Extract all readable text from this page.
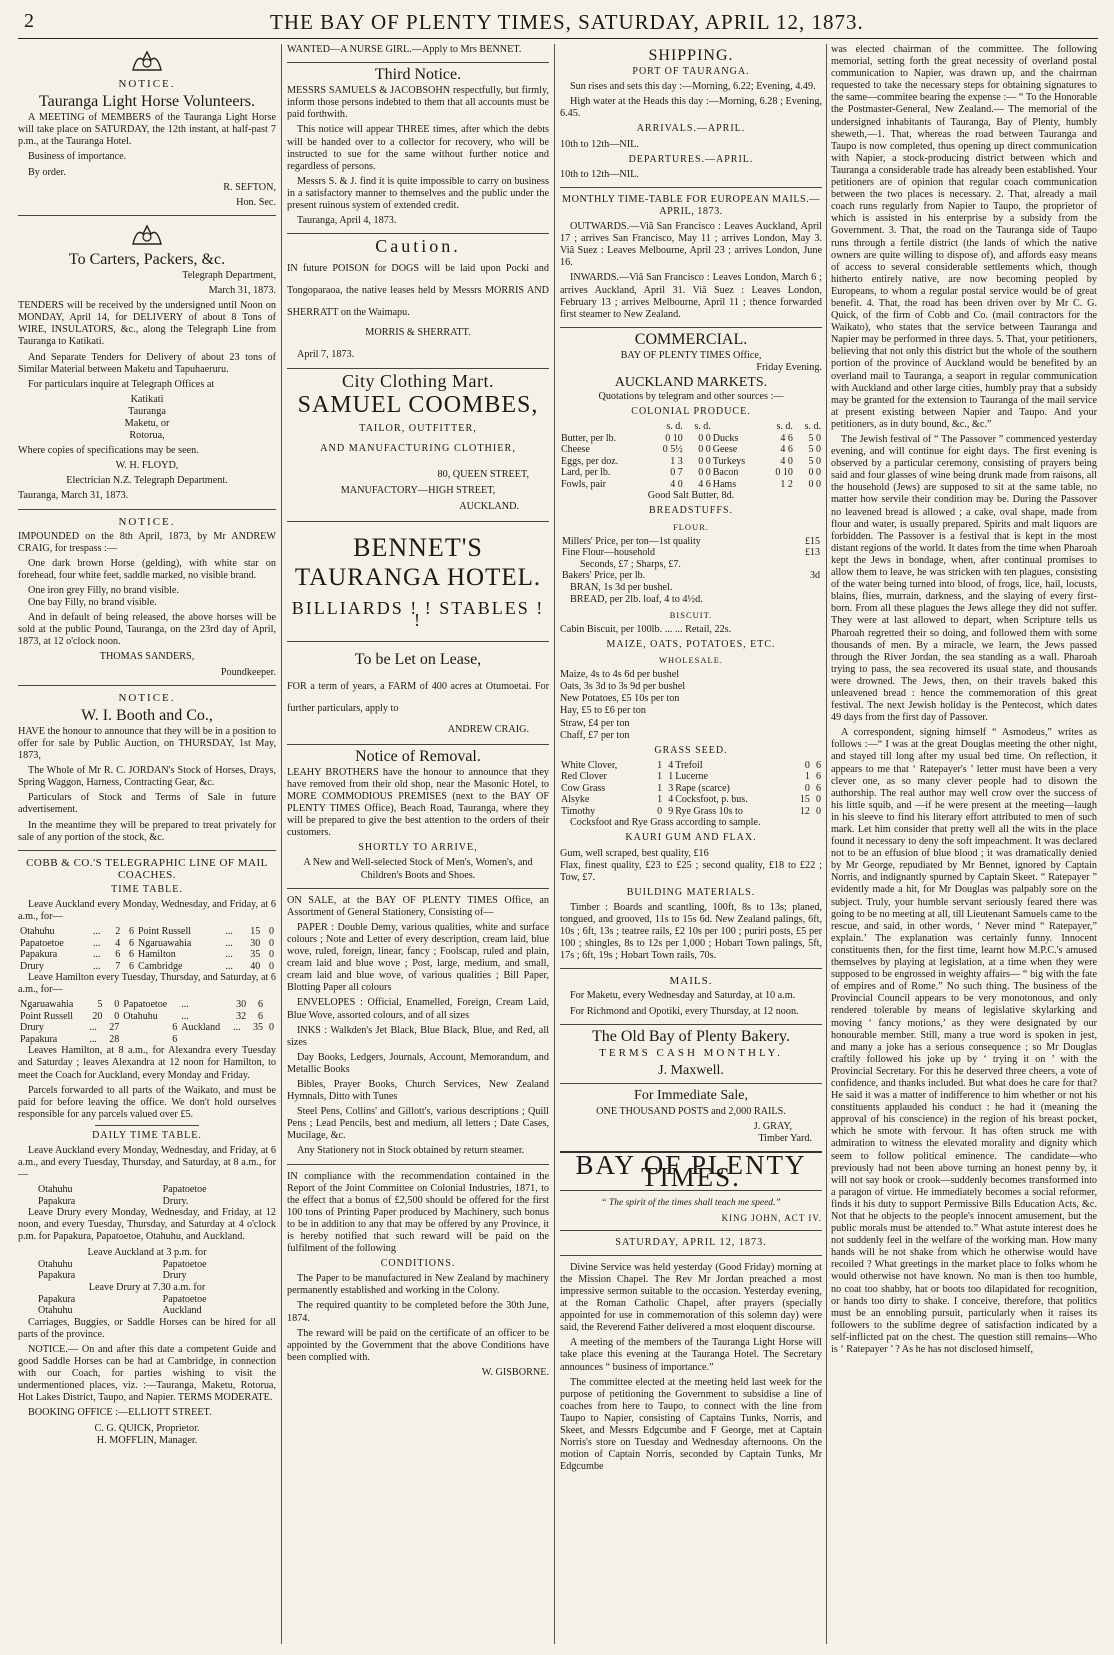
2	THE BAY OF PLENTY TIMES, SATURDAY, APRIL 12, 1873.
NOTICE.
Tauranga Light Horse Volunteers.

A MEETING of MEMBERS of the Tauranga Light Horse will take place on SATURDAY, the 12th instant, at half-past 7 p.m., at the Tauranga Hotel.

Business of importance.

By order.

R. SEFTON,

Hon. Sec.

To Carters, Packers, &c.

Telegraph Department,

March 31, 1873.

TENDERS will be received by the undersigned until Noon on MONDAY, April 14, for DELIVERY of about 8 Tons of WIRE, INSULATORS, &c., along the Telegraph Line from Tauranga to Katikati.

And Separate Tenders for Delivery of about 23 tons of Similar Material between Maketu and Tapuhaeruru.

For particulars inquire at Telegraph Offices at

Katikati

Tauranga

Maketu, or

Rotorua,

Where copies of specifications may be seen.

W. H. FLOYD,

Electrician N.Z. Telegraph Department.

Tauranga, March 31, 1873.

NOTICE.

IMPOUNDED on the 8th April, 1873, by Mr ANDREW CRAIG, for trespass :—

One dark brown Horse (gelding), with white star on forehead, four white feet, saddle marked, no visible brand.

One iron grey Filly, no brand visible.

One bay Filly, no brand visible.

And in default of being released, the above horses will be sold at the public Pound, Tauranga, on the 23rd day of April, 1873, at 12 o'clock noon.

THOMAS SANDERS,

Poundkeeper.

NOTICE.
W. I. Booth and Co.,

HAVE the honour to announce that they will be in a position to offer for sale by Public Auction, on THURSDAY, 1st May, 1873,

The Whole of Mr R. C. JORDAN's Stock of Horses, Drays, Spring Waggon, Harness, Contracting Gear, &c.

Particulars of Stock and Terms of Sale in future advertisement.

In the meantime they will be prepared to treat privately for sale of any portion of the stock, &c.

COBB & CO.'S TELEGRAPHIC LINE OF MAIL COACHES.
TIME TABLE.

Leave Auckland every Monday, Wednesday, and Friday, at 6 a.m., for—

Otahuhu	...	2	6	Point Russell	...	15	0
Papatoetoe	...	4	6	Ngaruawahia	...	30	0
Papakura	...	6	6	Hamilton	...	35	0
Drury	...	7	6	Cambridge	...	40	0

Leave Hamilton every Tuesday, Thursday, and Saturday, at 6 a.m., for—

Ngaruawahia	5	0	Papatoetoe	...	30	6	
Point Russell	20	0	Otahuhu	...	32	6	
Drury	...	27	6	Auckland	...	35	0
Papakura	...	28	6				

Leaves Hamilton, at 8 a.m., for Alexandra every Tuesday and Saturday ; leaves Alexandra at 12 noon for Hamilton, to meet the Coach for Auckland, every Monday and Friday.

Parcels forwarded to all parts of the Waikato, and must be paid for before leaving the office. We don't hold ourselves responsible for any parcels valued over £5.

DAILY TIME TABLE.

Leave Auckland every Monday, Wednesday, and Friday, at 6 a.m., and every Tuesday, Thursday, and Saturday, at 8 a.m., for—

Otahuhu	Papatoetoe
Papakura	Drury.

Leave Drury every Monday, Wednesday, and Friday, at 12 noon, and every Tuesday, Thursday, and Saturday at 4 o'clock p.m. for Papakura, Papatoetoe, Otahuhu, and Auckland.

Leave Auckland at 3 p.m. for

Otahuhu	Papatoetoe
Papakura	Drury

Leave Drury at 7.30 a.m. for

Papakura	Papatoetoe
Otahuhu	Auckland

Carriages, Buggies, or Saddle Horses can be hired for all parts of the province.

NOTICE.— On and after this date a competent Guide and good Saddle Horses can be had at Cambridge, in connection with our Coach, for parties wishing to visit the undermentioned places, viz. :—Tauranga, Maketu, Rotorua, Hot Lakes District, Taupo, and Napier. TERMS MODERATE.

BOOKING OFFICE :—ELLIOTT STREET.

C. G. QUICK, Proprietor.

H. MOFFLIN, Manager.

WANTED—A NURSE GIRL.—Apply to Mrs BENNET.

Third Notice.

MESSRS SAMUELS & JACOBSOHN respectfully, but firmly, inform those persons indebted to them that all accounts must be paid forthwith.

This notice will appear THREE times, after which the debts will be handed over to a collector for recovery, who will be instructed to sue for the same without further notice and regardless of persons.

Messrs S. & J. find it is quite impossible to carry on business in a satisfactory manner to themselves and the public under the present ruinous system of extended credit.

Tauranga, April 4, 1873.

Caution.

IN future POISON for DOGS will be laid upon Pocki and Tongoparaoa, the native leases held by Messrs MORRIS AND SHERRATT on the Waimapu.

MORRIS & SHERRATT.

April 7, 1873.

City Clothing Mart.
SAMUEL COOMBES,

TAILOR, OUTFITTER,

AND MANUFACTURING CLOTHIER,

80, QUEEN STREET,

MANUFACTORY—HIGH STREET,

AUCKLAND.

BENNET'S
TAURANGA HOTEL.
BILLIARDS ! ! STABLES ! !
To be Let on Lease,

FOR a term of years, a FARM of 400 acres at Otumoetai. For further particulars, apply to

ANDREW CRAIG.

Notice of Removal.

LEAHY BROTHERS have the honour to announce that they have removed from their old shop, near the Masonic Hotel, to MORE COMMODIOUS PREMISES (next to the BAY OF PLENTY TIMES Office), Beach Road, Tauranga, where they will be prepared to give the best attention to the orders of their customers.

SHORTLY TO ARRIVE,

A New and Well-selected Stock of Men's, Women's, and Children's Boots and Shoes.

ON SALE, at the BAY OF PLENTY TIMES Office, an Assortment of General Stationery, Consisting of—

PAPER : Double Demy, various qualities, white and surface colours ; Note and Letter of every description, cream laid, blue wove, ruled, foreign, linear, fancy ; Foolscap, ruled and plain, cream laid and blue wove ; Post, large, medium, and small, cream laid and blue wove, of various qualities ; Bill Paper, Blotting Paper all colours

ENVELOPES : Official, Enamelled, Foreign, Cream Laid, Blue Wove, assorted colours, and of all sizes

INKS : Walkden's Jet Black, Blue Black, Blue, and Red, all sizes

Day Books, Ledgers, Journals, Account, Memorandum, and Metallic Books

Bibles, Prayer Books, Church Services, New Zealand Hymnals, Ditto with Tunes

Steel Pens, Collins' and Gillott's, various descriptions ; Quill Pens ; Lead Pencils, best and medium, all letters ; Date Cases, Mucilage, &c.

Any Stationery not in Stock obtained by return steamer.

IN compliance with the recommendation contained in the Report of the Joint Committee on Colonial Industries, 1871, to the effect that a bonus of £2,500 should be offered for the first 100 tons of Printing Paper produced by Machinery, such bonus to be in addition to any that may be offered by any Province, it is hereby notified that such reward will be paid on the fulfilment of the following

CONDITIONS.

The Paper to be manufactured in New Zealand by machinery permanently established and working in the Colony.

The required quantity to be completed before the 30th June, 1874.

The reward will be paid on the certificate of an officer to be appointed by the Government that the above Conditions have been complied with.

W. GISBORNE.

SHIPPING.
PORT OF TAURANGA.

Sun rises and sets this day :—Morning, 6.22; Evening, 4.49.

High water at the Heads this day :—Morning, 6.28 ; Evening, 6.45.

ARRIVALS.—APRIL.

10th to 12th—NIL.

DEPARTURES.—APRIL.

10th to 12th—NIL.

MONTHLY TIME-TABLE FOR EUROPEAN MAILS.—APRIL, 1873.

OUTWARDS.—Viâ San Francisco : Leaves Auckland, April 17 ; arrives San Francisco, May 11 ; arrives London, May 3. Viâ Suez : Leaves Melbourne, April 23 ; arrives London, June 16.

INWARDS.—Viâ San Francisco : Leaves London, March 6 ; arrives Auckland, April 31. Viâ Suez : Leaves London, February 13 ; arrives Melbourne, April 11 ; thence forwarded first steamer to New Zealand.

COMMERCIAL.

BAY OF PLENTY TIMES Office,

Friday Evening.

AUCKLAND MARKETS.

Quotations by telegram and other sources :—

COLONIAL PRODUCE.
	s. d.	s. d.		s. d.	s. d.
Butter, per lb.	0 10	0 0	Ducks	4 6	5 0
Cheese	0 5½	0 0	Geese	4 6	5 0
Eggs, per doz.	1 3	0 0	Turkeys	4 0	5 0
Lard, per lb.	0 7	0 0	Bacon	0 10	0 0
Fowls, pair	4 0	4 6	Hams	1 2	0 0

Good Salt Butter, 8d.

BREADSTUFFS.
FLOUR.
Millers' Price, per ton—1st quality	£15
Fine Flour—household	£13
Seconds, £7 ; Sharps, £7.	
Bakers' Price, per lb.	3d

BRAN, 1s 3d per bushel.

BREAD, per 2lb. loaf, 4 to 4½d.

BISCUIT.

Cabin Biscuit, per 100lb. ... ... Retail, 22s.

MAIZE, OATS, POTATOES, ETC.
WHOLESALE.

Maize, 4s to 4s 6d per bushel

Oats, 3s 3d to 3s 9d per bushel

New Potatoes, £5 10s per ton

Hay, £5 to £6 per ton

Straw, £4 per ton

Chaff, £7 per ton

GRASS SEED.
White Clover,	1	4	Trefoil	0	6
Red Clover	1	1	Lucerne	1	6
Cow Grass	1	3	Rape (scarce)	0	6
Alsyke	1	4	Cocksfoot, p. bus.	15	0
Timothy	0	9	Rye Grass 10s to	12	0

Cocksfoot and Rye Grass according to sample.

KAURI GUM AND FLAX.

Gum, well scraped, best quality, £16

Flax, finest quality, £23 to £25 ; second quality, £18 to £22 ; Tow, £7.

BUILDING MATERIALS.

Timber : Boards and scantling, 100ft, 8s to 13s; planed, tongued, and grooved, 11s to 15s 6d. New Zealand palings, 6ft, 10s ; 6ft, 13s ; teatree rails, £2 10s per 100 ; puriri posts, £5 per 100 ; shingles, 8s to 12s per 1,000 ; Hobart Town palings, 5ft, 17s ; 6ft, 19s ; Hobart Town rails, 70s.

MAILS.

For Maketu, every Wednesday and Saturday, at 10 a.m.

For Richmond and Opotiki, every Thursday, at 12 noon.

The Old Bay of Plenty Bakery.

TERMS CASH MONTHLY.

J. Maxwell.
For Immediate Sale,

ONE THOUSAND POSTS and 2,000 RAILS.

J. GRAY,

Timber Yard.

BAY OF PLENTY TIMES.

“ The spirit of the times shall teach me speed.”

KING JOHN, ACT IV.

SATURDAY, APRIL 12, 1873.

Divine Service was held yesterday (Good Friday) morning at the Mission Chapel. The Rev Mr Jordan preached a most impressive sermon suitable to the occasion. Yesterday evening, at the Roman Catholic Chapel, after prayers (specially appointed for use in commemoration of this solemn day) were said, the Reverend Father delivered a most eloquent discourse.

A meeting of the members of the Tauranga Light Horse will take place this evening at the Tauranga Hotel. The Secretary announces “ business of importance.”

The committee elected at the meeting held last week for the purpose of petitioning the Government to subsidise a line of coaches from here to Taupo, to connect with the line from Taupo to Napier, consisting of Captains Tunks, Norris, and Skeet, and Messrs Edgcumbe and F George, met at Captain Norris's store on Tuesday and Wednesday afternoons. On the motion of Captain Norris, seconded by Captain Tunks, Mr Edgcumbe

was elected chairman of the committee. The following memorial, setting forth the great necessity of overland postal communication to Napier, was drawn up, and the chairman requested to take the necessary steps for obtaining signatures to the same—commitee bearing the expense :— “ To the Honorable the Postmaster-General, New Zealand.— The memorial of the undersigned inhabitants of Tauranga, Bay of Plenty, humbly sheweth,—1. That, whereas the road between Tauranga and Taupo is now completed, thus opening up direct communication with Napier, a stock-producing district between which and Tauranga a considerable trade has already been established. Your petitioners are of opinion that regular coach communication between the two places is necessary. 2. That, already a mail coach runs regularly from Napier to Taupo, the proprietor of which is assisted in his enterprise by a subsidy from the Government. 3. That, the road on the Tauranga side of Taupo runs through a fertile district (the lands of which the native owners are quite willing to dispose of), and affords easy means of access to several considerable settlements which, though hitherto entirely native, are now becoming peopled by Europeans, to whom a regular postal service would be of great benefit. 4. That, the road has been driven over by Mr C. G. Quick, of the firm of Cobb and Co. (mail contractors for the Waikato), who states that the service between Tauranga and Napier may be performed in three days. 5. That, your petitioners, believing that not only this district but the whole of the southern portion of the province of Auckland would be benefited by an overland mail to Tauranga, a seaport in regular communication with Auckland and other large cities, humbly pray that a subsidy may be granted for the extension to Tauranga of the mail service at present existing between Napier and Taupo. And your petitioners, as in duty bound, &c., &c.”

The Jewish festival of “ The Passover ” commenced yesterday evening, and will continue for eight days. The first evening is observed by a particular ceremony, consisting of prayers being said and four glasses of wine being drunk made from raisons, all the household (Jews) are supposed to sit at the same table, no matter how servile their condition may be. During the Passover no leavened bread is allowed ; a cake, oval shape, made from flour and water, is usually prepared. Spirits and malt liquors are forbidden. The Passover is a festival that is kept in the most distant regions of the world. It dates from the time when Pharoah kept the Jews in bondage, when, after continual promises to allow them to leave, he was stricken with ten plagues, consisting of the water being turned into blood, of frogs, lice, hail, locusts, blains, flies, murrain, darkness, and the slaying of every first-born. From all these plagues the Jews allege they did not suffer. They were at last allowed to depart, when Scripture tells us Pharoah regretted their so doing, and followed them with some thousands of men. By a miracle, we learn, the Jews passed through the River Jordan, the sea standing as a wall. Pharoah trying to pass, the sea recovered its usual state, and thousands were drowned. The Jews, then, on their travels baked this unleavened bread : hence the commemoration of this great festival. The next Jewish holiday is the Pentecost, which dates 49 days from the first day of Passover.

A correspondent, signing himself “ Asmodeus,” writes as follows :—“ I was at the great Douglas meeting the other night, and stayed till long after my usual bed time. On reflection, it appears to me that ‘ Ratepayer's ’ letter must have been a very clever one, as so many clever people had to disown the authorship. The real author may well crow over the success of his little squib, and —if he were present at the meeting—laugh in his sleeve to find his literary effort attributed to men of such mark. Let him consider that pretty well all the wits in the place found it necessary to deny the soft impeachment. It was declared not to be an effusion of blue blood ; it was dramatically denied by Mr George, repudiated by Mr Bennet, ignored by Captain Norris, and indignantly spurned by Captain Skeet. “ Ratepayer ” evidently made a hit, for Mr Douglas was palpably sore on the subject. Truly, your humble servant seriously feared there was going to be no meeting at all, till Lieutenant Samuels came to the rescue, and said, in other words, ‘ Never mind “ Ratepayer,” explain.’ The explanation was certainly funny. Innocent constituents then, for the first time, learnt how M.P.C.'s amused themselves by playing at legislation, at a time when they were supposed to be engrossed in weighty affairs— “ big with the fate of empires and of Rome.” No such thing. The business of the Provincial Council appears to be very monotonous, and only rendered tolerable by means of legislative skylarking and moving ‘ fancy motions,’ as they were designated by our honourable member. Still, many a true word is spoken in jest, and many a joke has a serious consequence ; so Mr Douglas craftily followed his joke up by ‘ trying it on ’ with the Provincial Secretary. For this he deserved three cheers, a vote of confidence, and thanks included. But what does he care for that? He said it was a matter of indifference to him whether or not his constituents applauded his conduct : he had it (meaning the approval of his conscience) in the region of his breast pocket, which he smote with fervour. It has often struck me with admiration to witness the elevated morality and dignity which seem to follow political eminence. The candidate—who previously had not been above turning an honest penny by, it will not say hook or crook—suddenly becomes transformed into a paragon of virtue. He immediately becomes a social reformer, finds it his duty to support Permissive Bills Education Acts, &c. Not that he objects to the people's innocent amusement, but the public morals must be attended to.” What astute interest does he not suddenly feel in the welfare of the working man. How many hands will he not shake from which he otherwise would have recoiled ? What greetings in the market place to folks whom he would otherwise not have known. No man is then too humble, no coat too shabby, hat or boots too dilapidated for recognition, or hands too dirty to shake. I conceive, therefore, that politics must be an ennobling pursuit, particularly when it raises its followers to the sublime degree of satisfaction indicated by a self-inflicted pat on the chest. The question still remains—Who is ‘ Ratepayer ’ ? As he has not disclosed himself,
